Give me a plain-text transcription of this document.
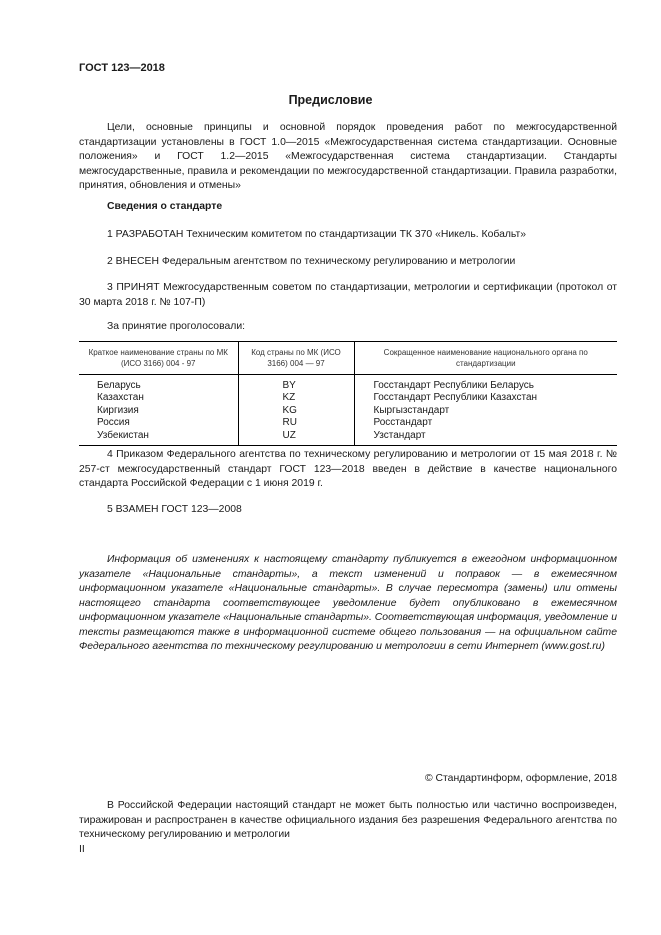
ГОСТ 123—2018
Предисловие
Цели, основные принципы и основной порядок проведения работ по межгосударственной стандартизации установлены в ГОСТ 1.0—2015 «Межгосударственная система стандартизации. Основные положения» и ГОСТ 1.2—2015 «Межгосударственная система стандартизации. Стандарты межгосударственные, правила и рекомендации по межгосударственной стандартизации. Правила разработки, принятия, обновления и отмены»
Сведения о стандарте
1 РАЗРАБОТАН Техническим комитетом по стандартизации ТК 370 «Никель. Кобальт»
2 ВНЕСЕН Федеральным агентством по техническому регулированию и метрологии
3 ПРИНЯТ Межгосударственным советом по стандартизации, метрологии и сертификации (протокол от 30 марта 2018 г. № 107-П)
За принятие проголосовали:
Краткое наименование страны по МК (ИСО 3166) 004 - 97	Код страны по МК (ИСО 3166) 004 — 97	Сокращенное наименование национального органа по стандартизации
Беларусь	BY	Госстандарт Республики Беларусь
Казахстан	KZ	Госстандарт Республики Казахстан
Киргизия	KG	Кыргызстандарт
Россия	RU	Росстандарт
Узбекистан	UZ	Узстандарт
4 Приказом Федерального агентства по техническому регулированию и метрологии от 15 мая 2018 г. № 257-ст межгосударственный стандарт ГОСТ 123—2018 введен в действие в качестве национального стандарта Российской Федерации с 1 июня 2019 г.
5 ВЗАМЕН ГОСТ 123—2008
Информация об изменениях к настоящему стандарту публикуется в ежегодном информационном указателе «Национальные стандарты», а текст изменений и поправок — в ежемесячном информационном указателе «Национальные стандарты». В случае пересмотра (замены) или отмены настоящего стандарта соответствующее уведомление будет опубликовано в ежемесячном информационном указателе «Национальные стандарты». Соответствующая информация, уведомление и тексты размещаются также в информационной системе общего пользования — на официальном сайте Федерального агентства по техническому регулированию и метрологии в сети Интернет (www.gost.ru)
© Стандартинформ, оформление, 2018
В Российской Федерации настоящий стандарт не может быть полностью или частично воспроизведен, тиражирован и распространен в качестве официального издания без разрешения Федерального агентства по техническому регулированию и метрологии
II
